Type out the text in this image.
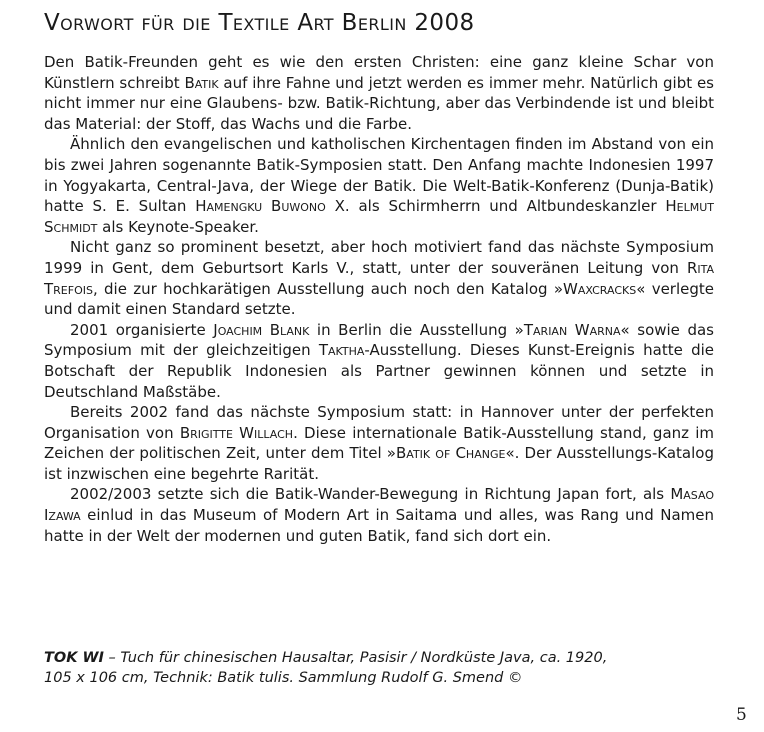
Vorwort für die Textile Art Berlin 2008

Den Batik-Freunden geht es wie den ersten Christen: eine ganz kleine Schar von Künstlern schreibt Batik auf ihre Fahne und jetzt werden es immer mehr. Natürlich gibt es nicht immer nur eine Glaubens- bzw. Batik-Richtung, aber das Verbindende ist und bleibt das Material: der Stoff, das Wachs und die Farbe.

Ähnlich den evangelischen und katholischen Kirchentagen finden im Abstand von ein bis zwei Jahren sogenannte Batik-Symposien statt. Den Anfang machte Indonesien 1997 in Yogyakarta, Central-Java, der Wiege der Batik. Die Welt-Batik-Konferenz (Dunja-Batik) hatte S. E. Sultan Hamengku Buwono X. als Schirmherrn und Altbundeskanzler Helmut Schmidt als Keynote-Speaker.

Nicht ganz so prominent besetzt, aber hoch motiviert fand das nächste Symposium 1999 in Gent, dem Geburtsort Karls V., statt, unter der souveränen Leitung von Rita Trefois, die zur hochkarätigen Ausstellung auch noch den Katalog »Waxcracks« verlegte und damit einen Standard setzte.

2001 organisierte Joachim Blank in Berlin die Ausstellung »Tarian Warna« sowie das Symposium mit der gleichzeitigen Taktha-Ausstellung. Dieses Kunst-Ereignis hatte die Botschaft der Republik Indonesien als Partner gewinnen können und setzte in Deutschland Maßstäbe.

Bereits 2002 fand das nächste Symposium statt: in Hannover unter der perfekten Organisation von Brigitte Willach. Diese internationale Batik-Ausstellung stand, ganz im Zeichen der politischen Zeit, unter dem Titel »Batik of Change«. Der Ausstellungs-Katalog ist inzwischen eine begehrte Rarität.

2002/2003 setzte sich die Batik-Wander-Bewegung in Richtung Japan fort, als Masao Izawa einlud in das Museum of Modern Art in Saitama und alles, was Rang und Namen hatte in der Welt der modernen und guten Batik, fand sich dort ein.

TOK WI – Tuch für chinesischen Hausaltar, Pasisir / Nordküste Java, ca. 1920,
105 x 106 cm, Technik: Batik tulis. Sammlung Rudolf G. Smend ©

5
